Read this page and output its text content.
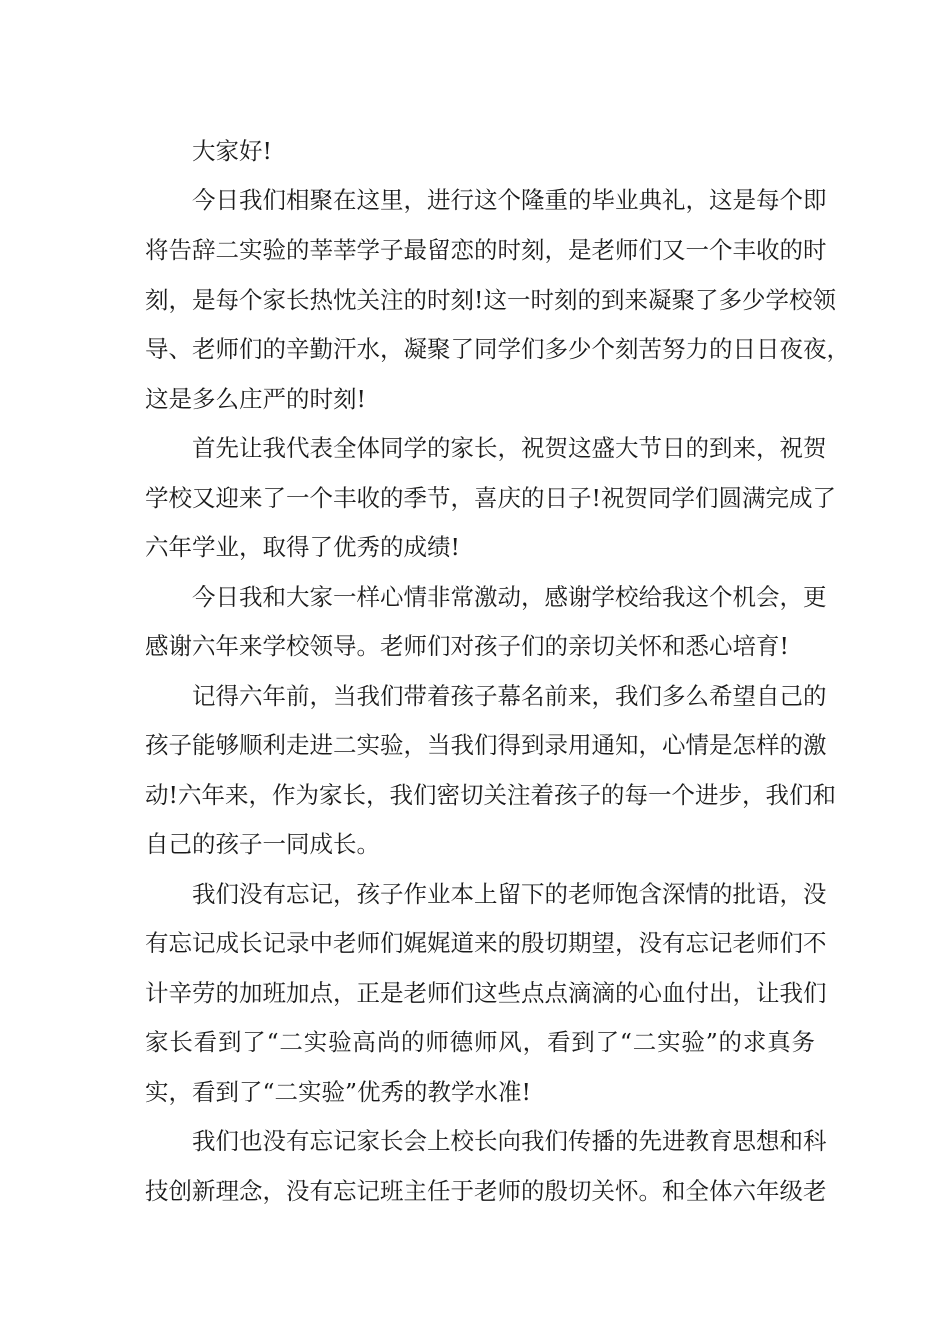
大家好!

今日我们相聚在这里，进行这个隆重的毕业典礼，这是每个即

将告辞二实验的莘莘学子最留恋的时刻，是老师们又一个丰收的时

刻，是每个家长热忱关注的时刻!这一时刻的到来凝聚了多少学校领

导、老师们的辛勤汗水，凝聚了同学们多少个刻苦努力的日日夜夜，

这是多么庄严的时刻!

首先让我代表全体同学的家长，祝贺这盛大节日的到来，祝贺

学校又迎来了一个丰收的季节，喜庆的日子!祝贺同学们圆满完成了

六年学业，取得了优秀的成绩!

今日我和大家一样心情非常激动，感谢学校给我这个机会，更

感谢六年来学校领导。老师们对孩子们的亲切关怀和悉心培育!

记得六年前，当我们带着孩子幕名前来，我们多么希望自己的

孩子能够顺利走进二实验，当我们得到录用通知，心情是怎样的激

动!六年来，作为家长，我们密切关注着孩子的每一个进步，我们和

自己的孩子一同成长。

我们没有忘记，孩子作业本上留下的老师饱含深情的批语，没

有忘记成长记录中老师们娓娓道来的殷切期望，没有忘记老师们不

计辛劳的加班加点，正是老师们这些点点滴滴的心血付出，让我们

家长看到了“二实验高尚的师德师风，看到了“二实验”的求真务

实，看到了“二实验”优秀的教学水准!

我们也没有忘记家长会上校长向我们传播的先进教育思想和科

技创新理念，没有忘记班主任于老师的殷切关怀。和全体六年级老
